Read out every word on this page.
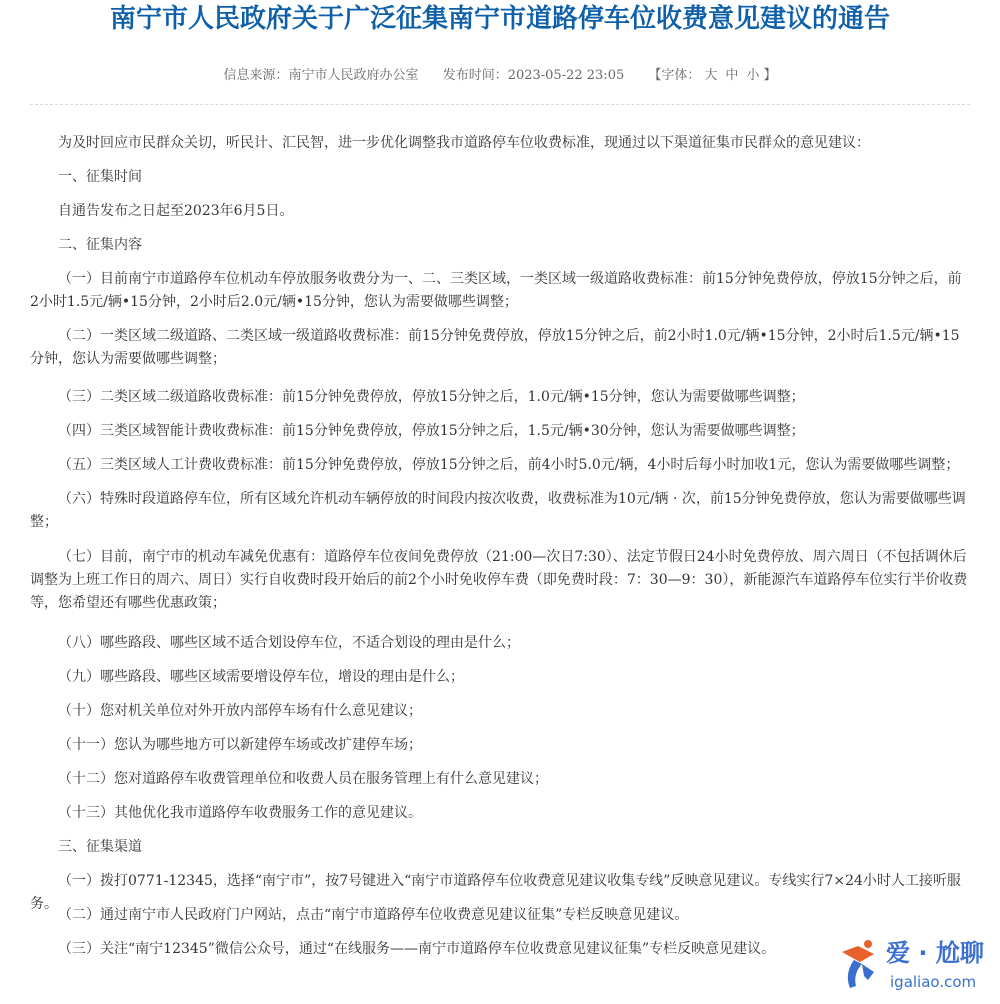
南宁市人民政府关于广泛征集南宁市道路停车位收费意见建议的通告
信息来源：南宁市人民政府办公室 发布时间：2023-05-22 23:05 【字体： 大 中 小 】

为及时回应市民群众关切，听民计、汇民智，进一步优化调整我市道路停车位收费标准，现通过以下渠道征集市民群众的意见建议：

一、征集时间

自通告发布之日起至2023年6月5日。

二、征集内容

（一）目前南宁市道路停车位机动车停放服务收费分为一、二、三类区域，一类区域一级道路收费标准：前15分钟免费停放，停放15分钟之后，前2小时1.5元/辆•15分钟，2小时后2.0元/辆•15分钟，您认为需要做哪些调整；

（二）一类区域二级道路、二类区域一级道路收费标准：前15分钟免费停放，停放15分钟之后，前2小时1.0元/辆•15分钟，2小时后1.5元/辆•15分钟，您认为需要做哪些调整；

（三）二类区域二级道路收费标准：前15分钟免费停放，停放15分钟之后，1.0元/辆•15分钟，您认为需要做哪些调整；

（四）三类区域智能计费收费标准：前15分钟免费停放，停放15分钟之后，1.5元/辆•30分钟，您认为需要做哪些调整；

（五）三类区域人工计费收费标准：前15分钟免费停放，停放15分钟之后，前4小时5.0元/辆，4小时后每小时加收1元，您认为需要做哪些调整；

（六）特殊时段道路停车位，所有区域允许机动车辆停放的时间段内按次收费，收费标准为10元/辆 · 次，前15分钟免费停放，您认为需要做哪些调整；

（七）目前，南宁市的机动车减免优惠有：道路停车位夜间免费停放（21:00—次日7:30）、法定节假日24小时免费停放、周六周日（不包括调休后调整为上班工作日的周六、周日）实行自收费时段开始后的前2个小时免收停车费（即免费时段：7：30—9：30），新能源汽车道路停车位实行半价收费等，您希望还有哪些优惠政策；

（八）哪些路段、哪些区域不适合划设停车位，不适合划设的理由是什么；

（九）哪些路段、哪些区域需要增设停车位，增设的理由是什么；

（十）您对机关单位对外开放内部停车场有什么意见建议；

（十一）您认为哪些地方可以新建停车场或改扩建停车场；

（十二）您对道路停车收费管理单位和收费人员在服务管理上有什么意见建议；

（十三）其他优化我市道路停车收费服务工作的意见建议。

三、征集渠道

（一）拨打0771-12345，选择“南宁市”，按7号键进入“南宁市道路停车位收费意见建议收集专线”反映意见建议。专线实行7×24小时人工接听服务。

（二）通过南宁市人民政府门户网站，点击“南宁市道路停车位收费意见建议征集”专栏反映意见建议。

（三）关注“南宁12345”微信公众号，通过“在线服务——南宁市道路停车位收费意见建议征集”专栏反映意见建议。	爱 · 尬聊
igaliao.com
